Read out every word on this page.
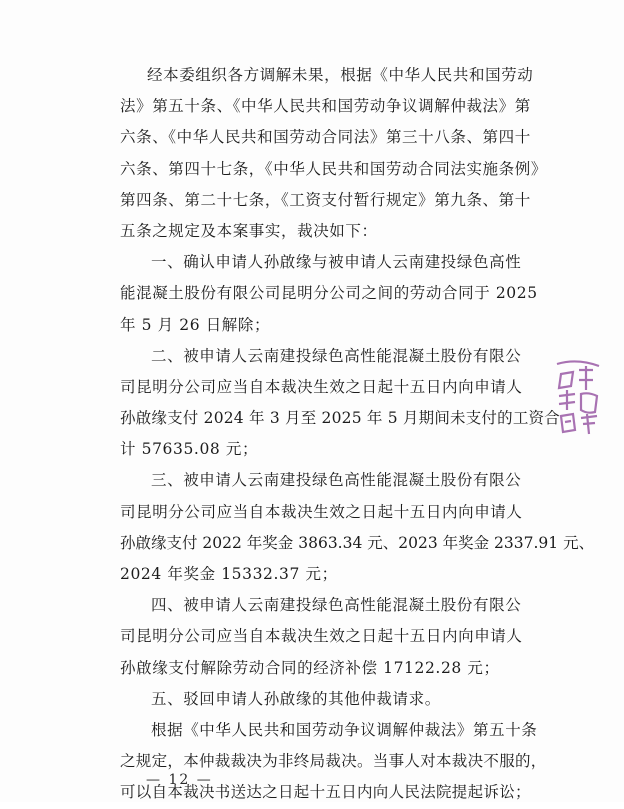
经本委组织各方调解未果，根据《中华人民共和国劳动
法》第五十条、《中华人民共和国劳动争议调解仲裁法》第
六条、《中华人民共和国劳动合同法》第三十八条、第四十
六条、第四十七条，《中华人民共和国劳动合同法实施条例》
第四条、第二十七条，《工资支付暂行规定》第九条、第十
五条之规定及本案事实，裁决如下：
一、确认申请人孙啟缘与被申请人云南建投绿色高性
能混凝土股份有限公司昆明分公司之间的劳动合同于 2025
年 5 月 26 日解除；
二、被申请人云南建投绿色高性能混凝土股份有限公
司昆明分公司应当自本裁决生效之日起十五日内向申请人
孙啟缘支付 2024 年 3 月至 2025 年 5 月期间未支付的工资合
计 57635.08 元；
三、被申请人云南建投绿色高性能混凝土股份有限公
司昆明分公司应当自本裁决生效之日起十五日内向申请人
孙啟缘支付 2022 年奖金 3863.34 元、2023 年奖金 2337.91 元、
2024 年奖金 15332.37 元；
四、被申请人云南建投绿色高性能混凝土股份有限公
司昆明分公司应当自本裁决生效之日起十五日内向申请人
孙啟缘支付解除劳动合同的经济补偿 17122.28 元；
五、驳回申请人孙啟缘的其他仲裁请求。
根据《中华人民共和国劳动争议调解仲裁法》第五十条
之规定，本仲裁裁决为非终局裁决。当事人对本裁决不服的，
可以自本裁决书送达之日起十五日内向人民法院提起诉讼；
— 12 —
